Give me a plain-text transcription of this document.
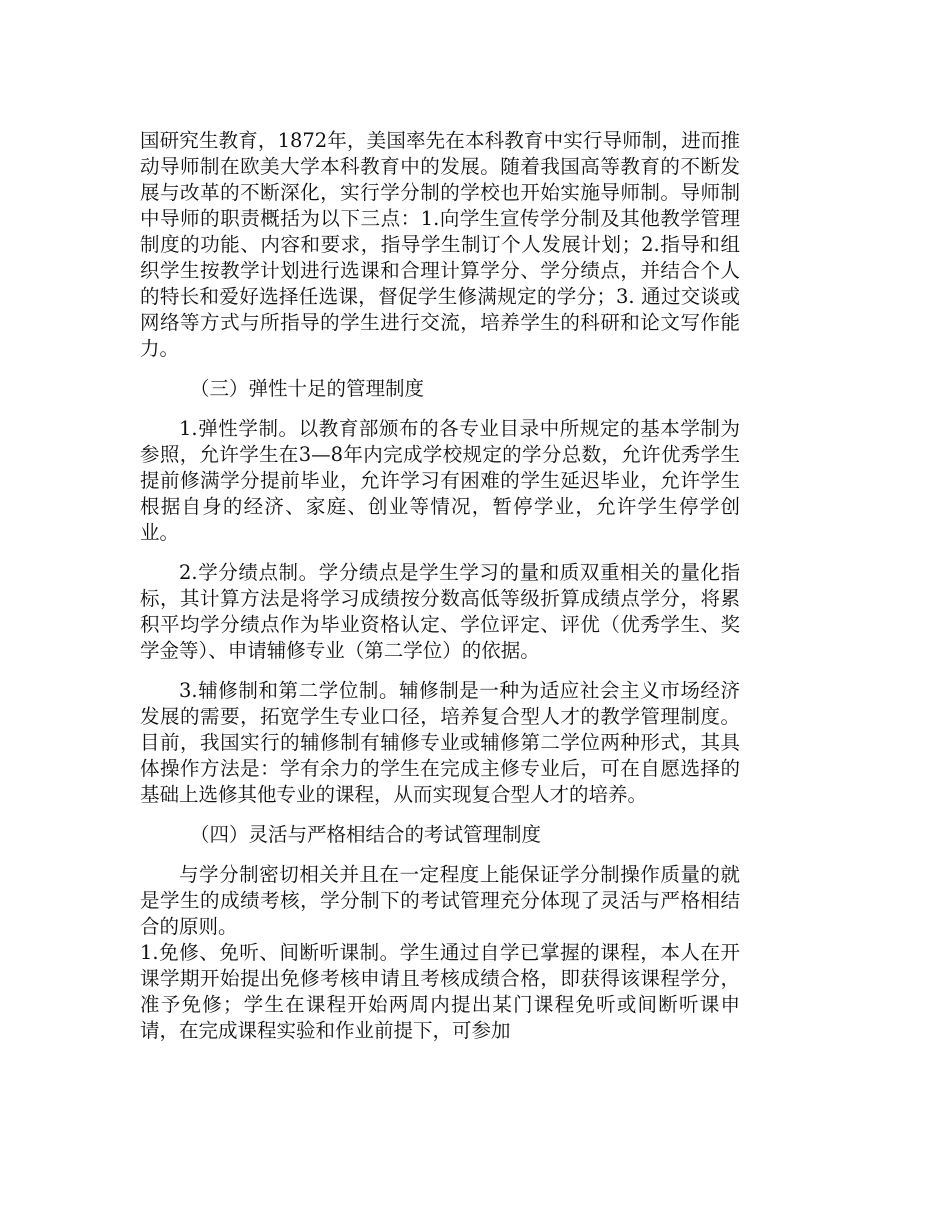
国研究生教育，1872年，美国率先在本科教育中实行导师制，进而推动导师制在欧美大学本科教育中的发展。随着我国高等教育的不断发展与改革的不断深化，实行学分制的学校也开始实施导师制。导师制中导师的职责概括为以下三点：1.向学生宣传学分制及其他教学管理制度的功能、内容和要求，指导学生制订个人发展计划；2.指导和组织学生按教学计划进行选课和合理计算学分、学分绩点，并结合个人的特长和爱好选择任选课，督促学生修满规定的学分；3. 通过交谈或网络等方式与所指导的学生进行交流，培养学生的科研和论文写作能力。

（三）弹性十足的管理制度

1.弹性学制。以教育部颁布的各专业目录中所规定的基本学制为参照，允许学生在3—8年内完成学校规定的学分总数，允许优秀学生提前修满学分提前毕业，允许学习有困难的学生延迟毕业，允许学生根据自身的经济、家庭、创业等情况，暂停学业，允许学生停学创业。

2.学分绩点制。学分绩点是学生学习的量和质双重相关的量化指标，其计算方法是将学习成绩按分数高低等级折算成绩点学分，将累积平均学分绩点作为毕业资格认定、学位评定、评优（优秀学生、奖学金等）、申请辅修专业（第二学位）的依据。

3.辅修制和第二学位制。辅修制是一种为适应社会主义市场经济发展的需要，拓宽学生专业口径，培养复合型人才的教学管理制度。目前，我国实行的辅修制有辅修专业或辅修第二学位两种形式，其具体操作方法是：学有余力的学生在完成主修专业后，可在自愿选择的基础上选修其他专业的课程，从而实现复合型人才的培养。

（四）灵活与严格相结合的考试管理制度

与学分制密切相关并且在一定程度上能保证学分制操作质量的就是学生的成绩考核，学分制下的考试管理充分体现了灵活与严格相结合的原则。

1.免修、免听、间断听课制。学生通过自学已掌握的课程，本人在开课学期开始提出免修考核申请且考核成绩合格，即获得该课程学分，准予免修；学生在课程开始两周内提出某门课程免听或间断听课申请，在完成课程实验和作业前提下，可参加
